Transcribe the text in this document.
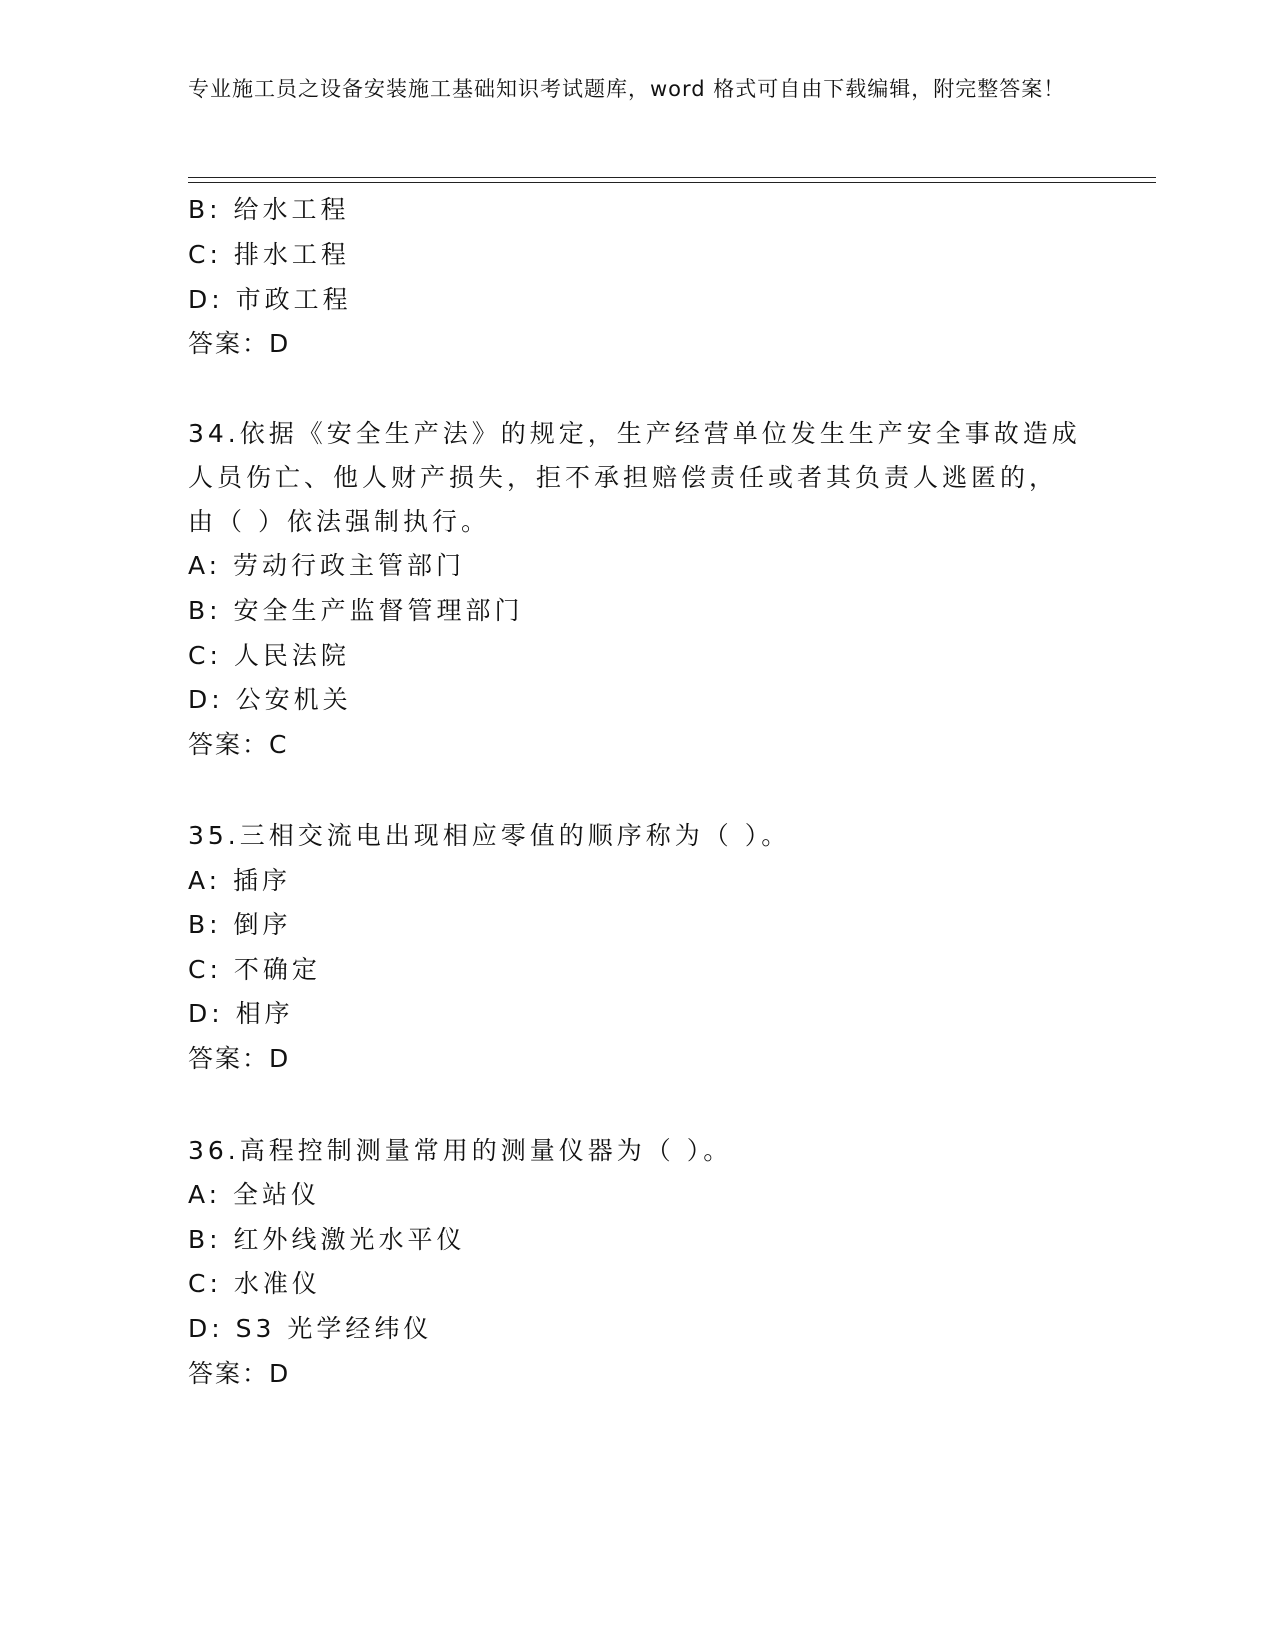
专业施工员之设备安装施工基础知识考试题库，word 格式可自由下载编辑，附完整答案！
B: 给水工程
C: 排水工程
D: 市政工程
答案：D
34.依据《安全生产法》的规定，生产经营单位发生生产安全事故造成
人员伤亡、他人财产损失，拒不承担赔偿责任或者其负责人逃匿的，
由（ ）依法强制执行。
A: 劳动行政主管部门
B: 安全生产监督管理部门
C: 人民法院
D: 公安机关
答案：C
35.三相交流电出现相应零值的顺序称为（ ）。
A: 插序
B: 倒序
C: 不确定
D: 相序
答案：D
36.高程控制测量常用的测量仪器为（ ）。
A: 全站仪
B: 红外线激光水平仪
C: 水准仪
D: S3 光学经纬仪
答案：D
